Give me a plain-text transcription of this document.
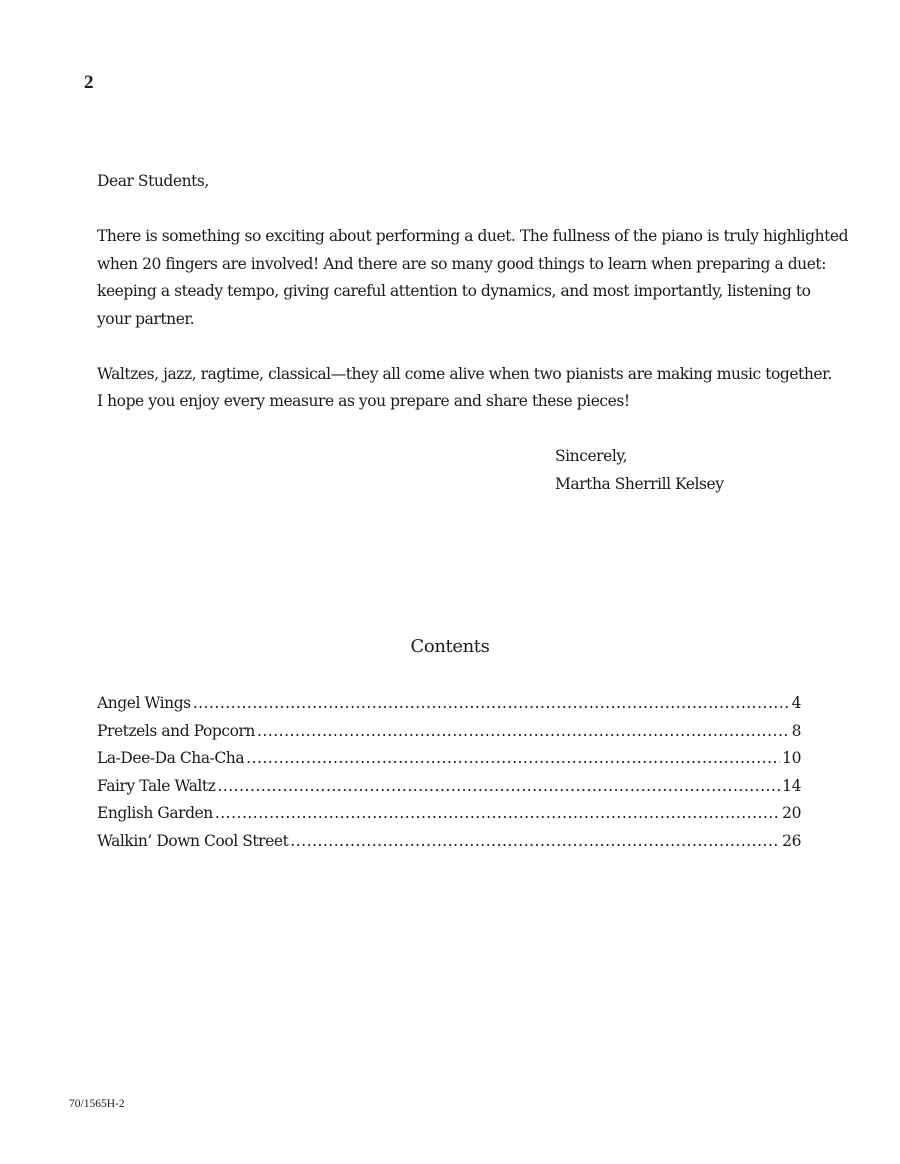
2

Dear Students,

There is something so exciting about performing a duet. The fullness of the piano is truly highlighted
when 20 fingers are involved! And there are so many good things to learn when preparing a duet:
keeping a steady tempo, giving careful attention to dynamics, and most importantly, listening to
your partner.

Waltzes, jazz, ragtime, classical—they all come alive when two pianists are making music together.
I hope you enjoy every measure as you prepare and share these pieces!

Sincerely,
Martha Sherrill Kelsey
Contents
Angel Wings .....	4
Pretzels and Popcorn .....	8
La-Dee-Da Cha-Cha .....	10
Fairy Tale Waltz .....	14
English Garden .....	20
Walkin’ Down Cool Street .....	26
70/1565H-2
